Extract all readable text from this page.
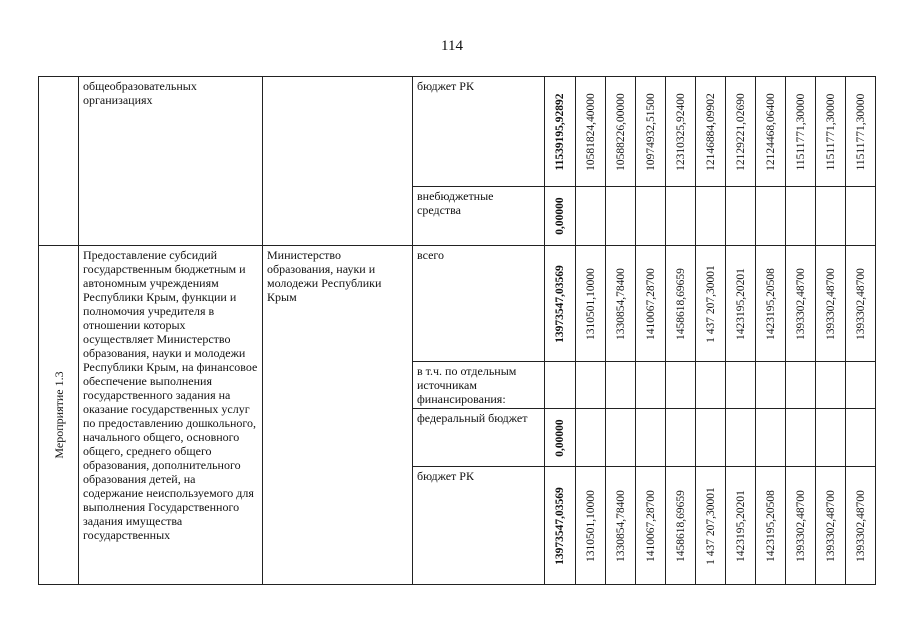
114
	общеобразовательных организациях		бюджет РК	11539195,92892	10581824,40000	10588226,00000	10974932,51500	12310325,92400	12146884,09902	12129221,02690	12124468,06400	11511771,30000	11511771,30000	11511771,30000

			внебюджетные средства	0,00000										

Мероприятие 1.3	Предоставление субсидий государственным бюджетным и автономным учреждениям Республики Крым, функции и полномочия учредителя в отношении которых осуществляет Министерство образования, науки и молодежи Республики Крым, на финансовое обеспечение выполнения государственного задания на оказание государственных услуг по предоставлению дошкольного, начального общего, основного общего, среднего общего образования, дополнительного образования детей, на содержание неиспользуемого для выполнения Государственного задания имущества государственных	Министерство образования, науки и молодежи Республики Крым	всего	13973547,03569	1310501,10000	1330854,78400	1410067,28700	1458618,69659	1 437 207,30001	1423195,20201	1423195,20508	1393302,48700	1393302,48700	1393302,48700

			в т.ч. по отдельным источникам финансирования:											
			федеральный бюджет	0,00000										

			бюджет РК	13973547,03569	1310501,10000	1330854,78400	1410067,28700	1458618,69659	1 437 207,30001	1423195,20201	1423195,20508	1393302,48700	1393302,48700	1393302,48700
